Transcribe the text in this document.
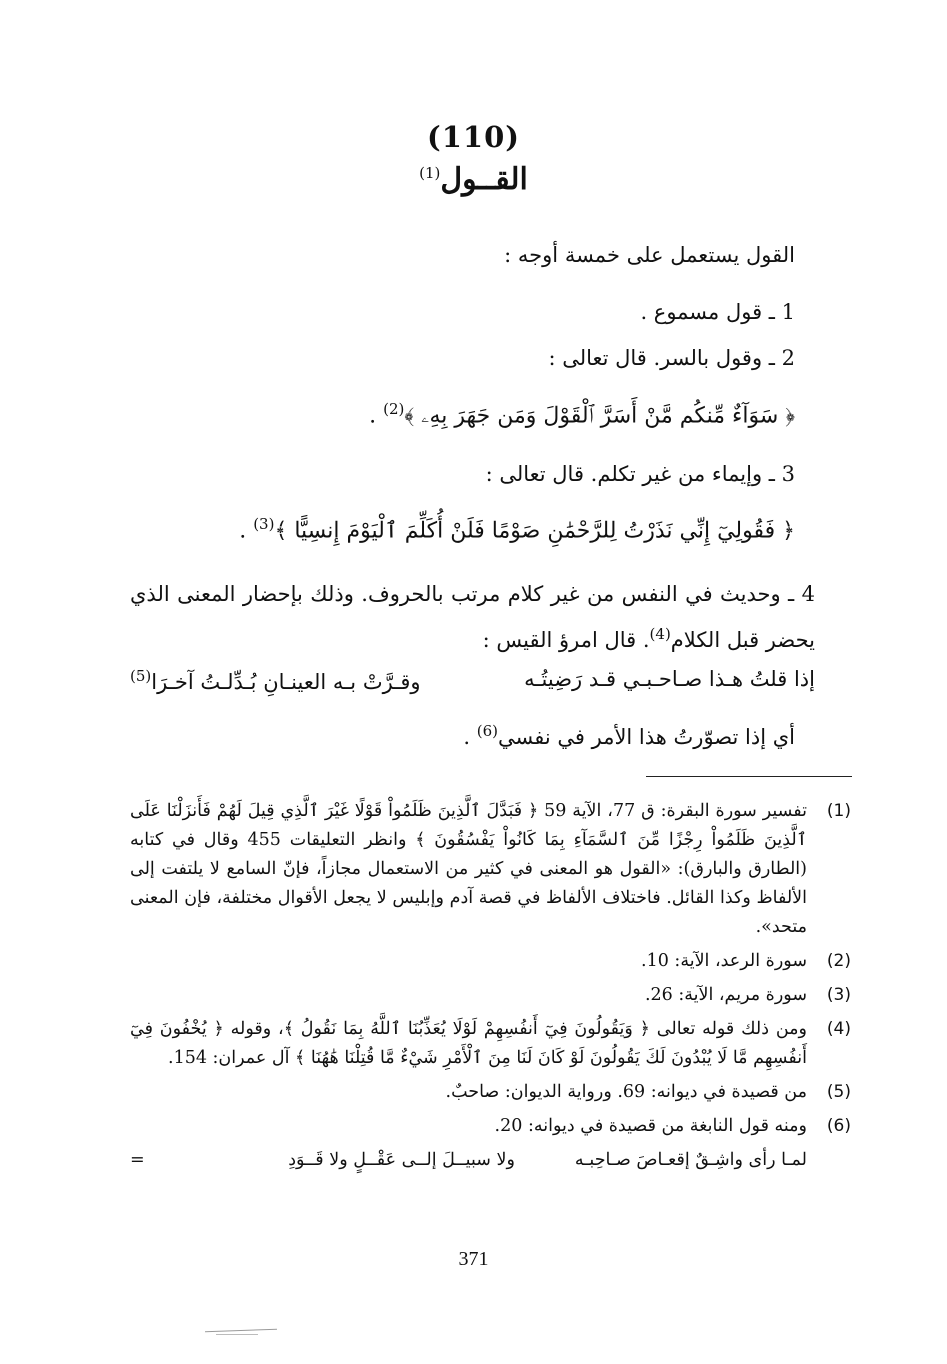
(110)
القــول$^{(1)}$
القول يستعمل على خمسة أوجه :
1 ـ قول مسموع .
2 ـ وقول بالسر. قال تعالى :
﴿ سَوَآءٌ مِّنكُم مَّنْ أَسَرَّ ٱلْقَوْلَ وَمَن جَهَرَ بِهِۦ ﴾$^{(2)}$ .
3 ـ وإيماء من غير تكلم. قال تعالى :
﴿ فَقُولِيٓ إِنِّي نَذَرْتُ لِلرَّحْمَٰنِ صَوْمًا فَلَنْ أُكَلِّمَ ٱلْيَوْمَ إِنسِيًّا ﴾$^{(3)}$ .
4 ـ وحديث في النفس من غير كلام مرتب بالحروف. وذلك بإحضار المعنى الذي يحضر قبل الكلام$^{(4)}$. قال امرؤ القيس :
إذا قلتُ هـذا صـاحـبـي قـد رَضِيتُـه
وقـرَّتْ بـه العينـانِ بُـدِّلـتُ آخـرَا$^{(5)}$
أي إذا تصوّرتُ هذا الأمر في نفسي$^{(6)}$ .
(1)
تفسير سورة البقرة: ق 77، الآية 59 ﴿ فَبَدَّلَ ٱلَّذِينَ ظَلَمُواْ قَوْلًا غَيْرَ ٱلَّذِي قِيلَ لَهُمْ فَأَنزَلْنَا عَلَى ٱلَّذِينَ ظَلَمُواْ رِجْزًا مِّنَ ٱلسَّمَآءِ بِمَا كَانُواْ يَفْسُقُونَ ﴾ وانظر التعليقات 455 وقال في كتابه (الطارق والبارق): «القول هو المعنى في كثير من الاستعمال مجازاً، فإنّ السامع لا يلتفت إلى الألفاظ وكذا القائل. فاختلاف الألفاظ في قصة آدم وإبليس لا يجعل الأقوال مختلفة، فإن المعنى متحد».
(2)
سورة الرعد، الآية: 10.
(3)
سورة مريم، الآية: 26.
(4)
ومن ذلك قوله تعالى ﴿ وَيَقُولُونَ فِيٓ أَنفُسِهِمْ لَوْلَا يُعَذِّبُنَا ٱللَّهُ بِمَا نَقُولُ ﴾، وقوله ﴿ يُخْفُونَ فِيٓ أَنفُسِهِم مَّا لَا يُبْدُونَ لَكَ يَقُولُونَ لَوْ كَانَ لَنَا مِنَ ٱلْأَمْرِ شَيْءٌ مَّا قُتِلْنَا هَٰهُنَا ﴾ آل عمران: 154.
(5)
من قصيدة في ديوانه: 69. ورواية الديوان: صاحبٌ.
(6)
ومنه قول النابغة من قصيدة في ديوانه: 20.
لمـا رأى واشِـقٌ إقعـاصَ صـاحِبـه
ولا سبيــلَ إلــى عَقْــلٍ ولا قَــوَدِ
=
371
